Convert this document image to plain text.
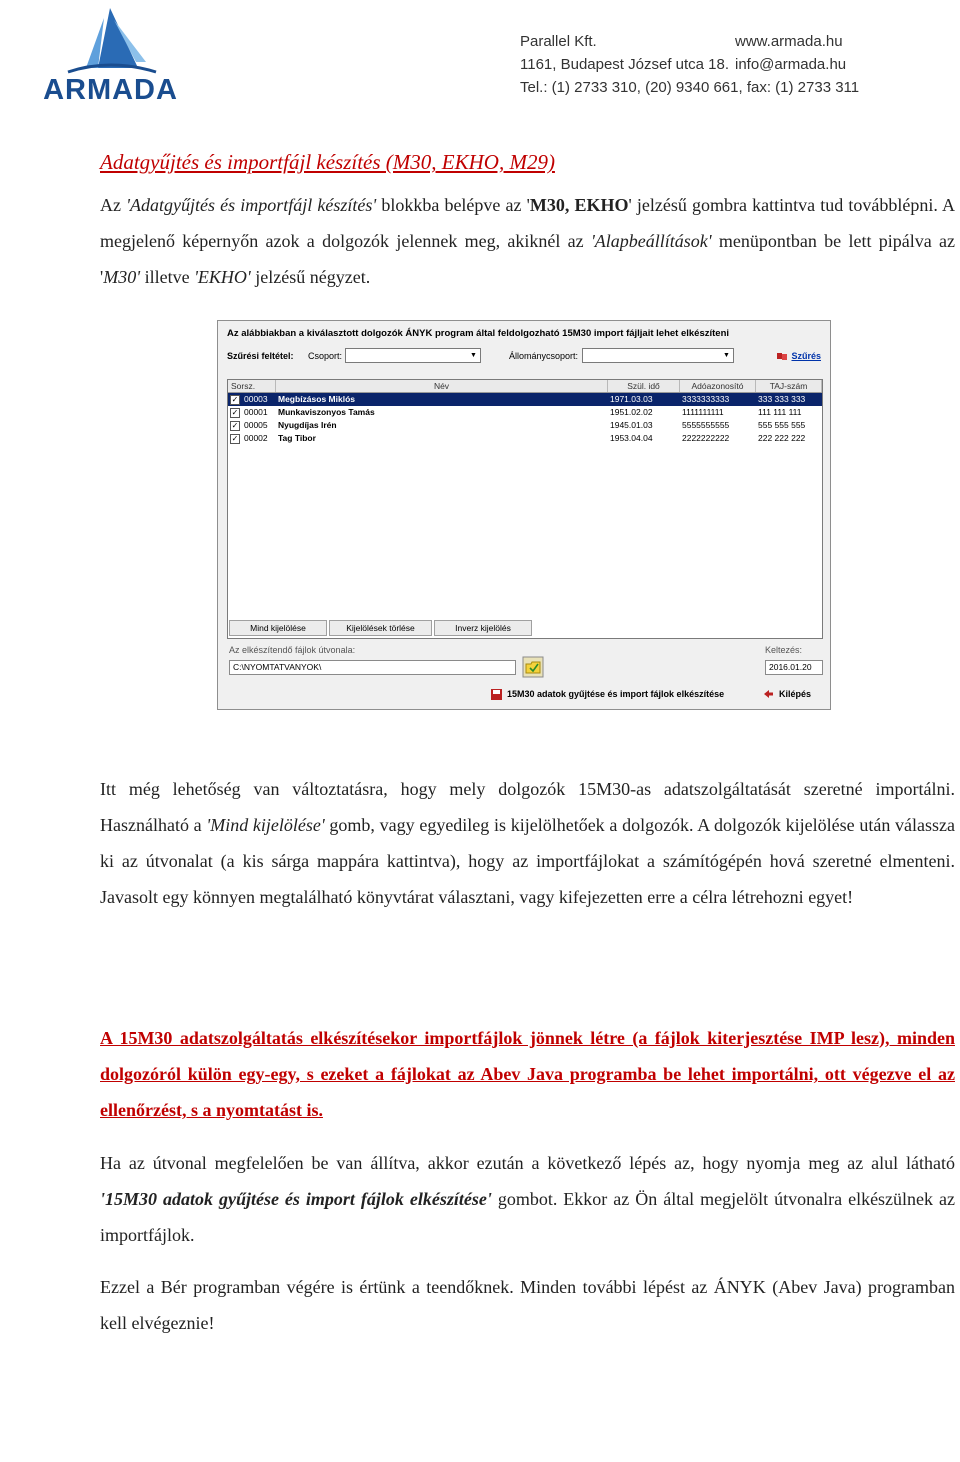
ARMADA
Parallel Kft.	www.armada.hu
1161, Budapest József utca 18. info@armada.hu
Tel.: (1) 2733 310, (20) 9340 661, fax: (1) 2733 311
Adatgyűjtés és importfájl készítés (M30, EKHO, M29)
Az 'Adatgyűjtés és importfájl készítés' blokkba belépve az 'M30, EKHO' jelzésű gombra kattintva tud továbblépni. A megjelenő képernyőn azok a dolgozók jelennek meg, akiknél az 'Alapbeállítások' menüpontban be lett pipálva az 'M30' illetve 'EKHO' jelzésű négyzet.
Az alábbiakban a kiválasztott dolgozók ÁNYK program által feldolgozható 15M30 import fájljait lehet elkészíteni
Szűrési feltétel: Csoport:	▼	Állománycsoport:	▼	Szűrés
Sorsz.	Név	Szül. idő	Adóazonosító	TAJ-szám
✓ 00003	Megbízásos Miklós	1971.03.03	3333333333	333 333 333
✓ 00001	Munkaviszonyos Tamás	1951.02.02	1111111111	111 111 111
✓ 00005	Nyugdíjas Irén	1945.01.03	5555555555	555 555 555
✓ 00002	Tag Tibor	1953.04.04	2222222222	222 222 222
Mind kijelölése	Kijelölések törlése	Inverz kijelölés
Az elkészítendő fájlok útvonala:
C:\NYOMTATVANYOK\
Keltezés:
2016.01.20
15M30 adatok gyűjtése és import fájlok elkészítése	Kilépés
Itt még lehetőség van változtatásra, hogy mely dolgozók 15M30-as adatszolgáltatását szeretné importálni. Használható a 'Mind kijelölése' gomb, vagy egyedileg is kijelölhetőek a dolgozók. A dolgozók kijelölése után válassza ki az útvonalat (a kis sárga mappára kattintva), hogy az importfájlokat a számítógépén hová szeretné elmenteni. Javasolt egy könnyen megtalálható könyvtárat választani, vagy kifejezetten erre a célra létrehozni egyet!
A 15M30 adatszolgáltatás elkészítésekor importfájlok jönnek létre (a fájlok kiterjesztése IMP lesz), minden dolgozóról külön egy-egy, s ezeket a fájlokat az Abev Java programba be lehet importálni, ott végezve el az ellenőrzést, s a nyomtatást is.
Ha az útvonal megfelelően be van állítva, akkor ezután a következő lépés az, hogy nyomja meg az alul látható '15M30 adatok gyűjtése és import fájlok elkészítése' gombot. Ekkor az Ön által megjelölt útvonalra elkészülnek az importfájlok.
Ezzel a Bér programban végére is értünk a teendőknek. Minden további lépést az ÁNYK (Abev Java) programban kell elvégeznie!
